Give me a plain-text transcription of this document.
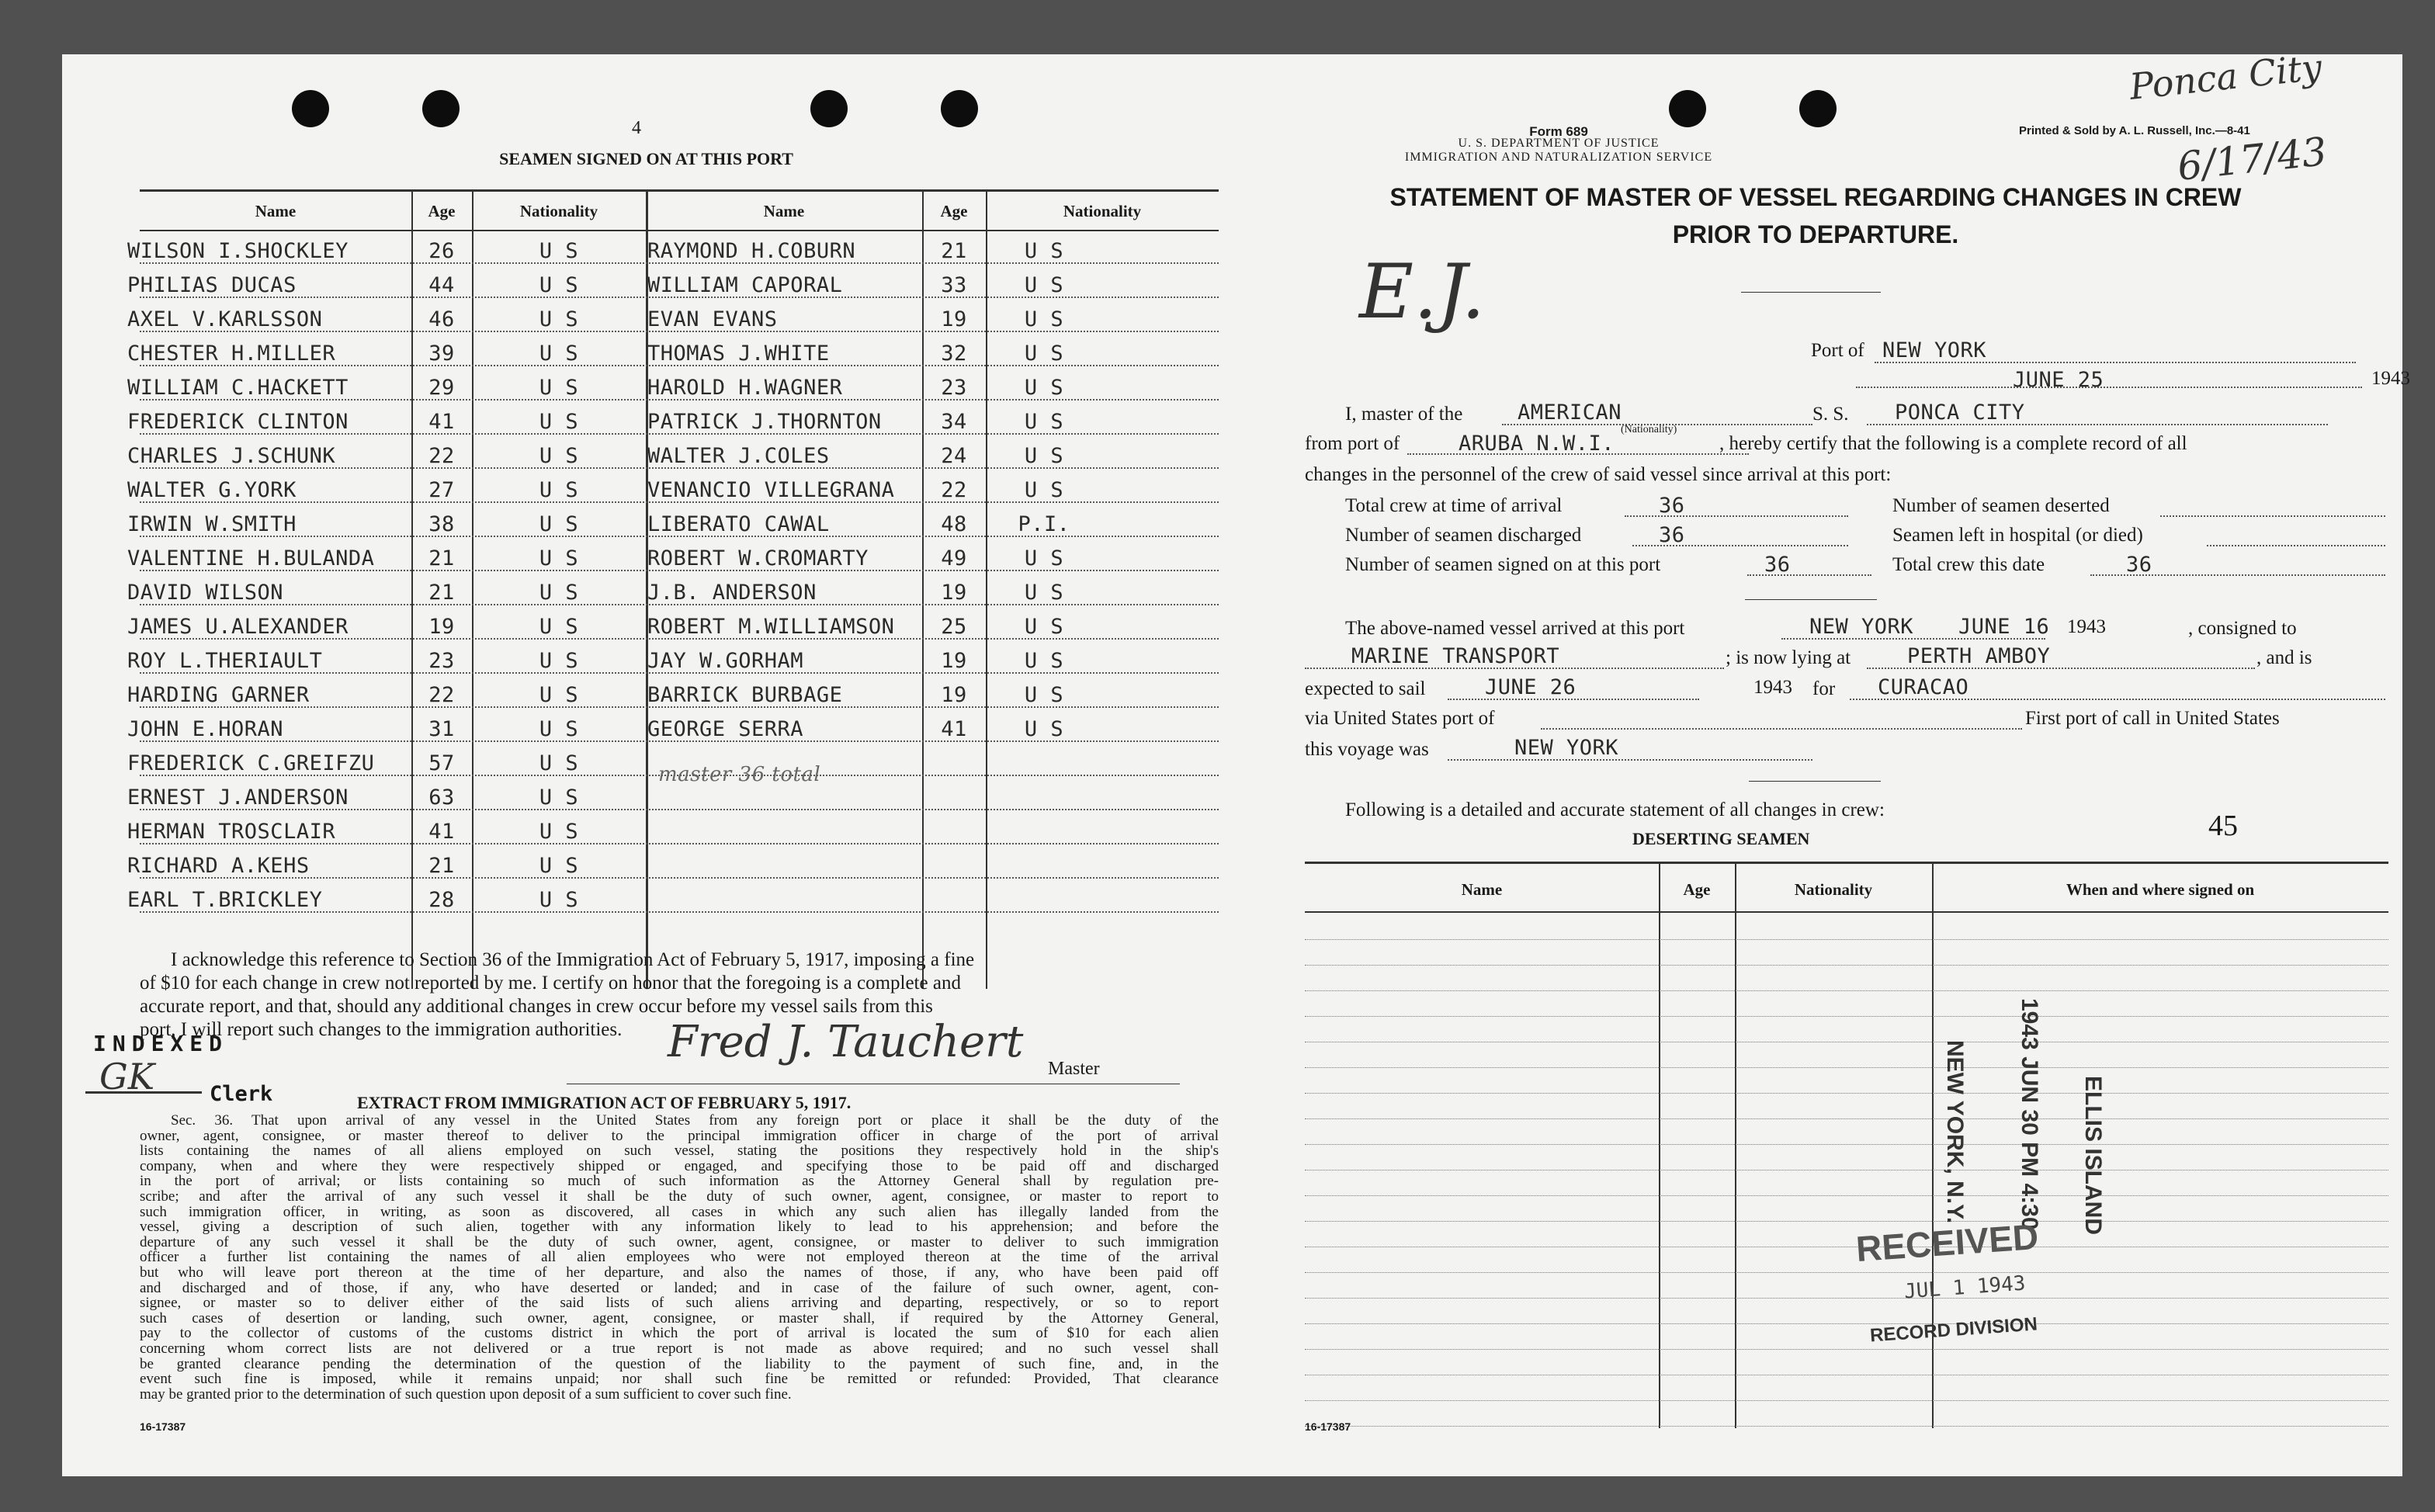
4
SEAMEN SIGNED ON AT THIS PORT
Name	Age	Nationality	Name	Age	Nationality
WILSON I.SHOCKLEY	26	U S	RAYMOND H.COBURN	21	U S
PHILIAS DUCAS	44	U S	WILLIAM CAPORAL	33	U S
AXEL V.KARLSSON	46	U S	EVAN EVANS	19	U S
CHESTER H.MILLER	39	U S	THOMAS J.WHITE	32	U S
WILLIAM C.HACKETT	29	U S	HAROLD H.WAGNER	23	U S
FREDERICK CLINTON	41	U S	PATRICK J.THORNTON	34	U S
CHARLES J.SCHUNK	22	U S	WALTER J.COLES	24	U S
WALTER G.YORK	27	U S	VENANCIO VILLEGRANA	22	U S
IRWIN W.SMITH	38	U S	LIBERATO CAWAL	48	P.I.
VALENTINE H.BULANDA	21	U S	ROBERT W.CROMARTY	49	U S
DAVID WILSON	21	U S	J.B. ANDERSON	19	U S
JAMES U.ALEXANDER	19	U S	ROBERT M.WILLIAMSON	25	U S
ROY L.THERIAULT	23	U S	JAY W.GORHAM	19	U S
HARDING GARNER	22	U S	BARRICK BURBAGE	19	U S
JOHN E.HORAN	31	U S	GEORGE SERRA	41	U S
FREDERICK C.GREIFZU	57	U S
ERNEST J.ANDERSON	63	U S
HERMAN TROSCLAIR	41	U S
RICHARD A.KEHS	21	U S
EARL T.BRICKLEY	28	U S
master 36 total
I acknowledge this reference to Section 36 of the Immigration Act of February 5, 1917, imposing a fine
of $10 for each change in crew not reported by me. I certify on honor that the foregoing is a complete and
accurate report, and that, should any additional changes in crew occur before my vessel sails from this
port, I will report such changes to the immigration authorities.	Fred J. Tauchert
Master
INDEXED
GK	Clerk	EXTRACT FROM IMMIGRATION ACT OF FEBRUARY 5, 1917.
Sec. 36. That upon arrival of any vessel in the United States from any foreign port or place it shall be the duty of the
owner, agent, consignee, or master thereof to deliver to the principal immigration officer in charge of the port of arrival
lists containing the names of all aliens employed on such vessel, stating the positions they respectively hold in the ship's
company, when and where they were respectively shipped or engaged, and specifying those to be paid off and discharged
in the port of arrival; or lists containing so much of such information as the Attorney General shall by regulation pre-
scribe; and after the arrival of any such vessel it shall be the duty of such owner, agent, consignee, or master to report to
such immigration officer, in writing, as soon as discovered, all cases in which any such alien has illegally landed from the
vessel, giving a description of such alien, together with any information likely to lead to his apprehension; and before the
departure of any such vessel it shall be the duty of such owner, agent, consignee, or master to deliver to such immigration
officer a further list containing the names of all alien employees who were not employed thereon at the time of the arrival
but who will leave port thereon at the time of her departure, and also the names of those, if any, who have been paid off
and discharged and of those, if any, who have deserted or landed; and in case of the failure of such owner, agent, con-
signee, or master so to deliver either of the said lists of such aliens arriving and departing, respectively, or so to report
such cases of desertion or landing, such owner, agent, consignee, or master shall, if required by the Attorney General,
pay to the collector of customs of the customs district in which the port of arrival is located the sum of $10 for each alien
concerning whom correct lists are not delivered or a true report is not made as above required; and no such vessel shall
be granted clearance pending the determination of the question of the liability to the payment of such fine, and, in the
event such fine is imposed, while it remains unpaid; nor shall such fine be remitted or refunded: Provided, That clearance
may be granted prior to the determination of such question upon deposit of a sum sufficient to cover such fine.
16-17387
Form 689
U. S. DEPARTMENT OF JUSTICE
IMMIGRATION AND NATURALIZATION SERVICE
Printed & Sold by A. L. Russell, Inc.—8-41
Ponca City
6/17/43
STATEMENT OF MASTER OF VESSEL REGARDING CHANGES IN CREW
PRIOR TO DEPARTURE.
E.J.
Port of NEW YORK
JUNE 25	1943
I, master of the	AMERICAN	S. S. PONCA CITY
from port of	ARUBA N.W.I.
(Nationality)
, hereby certify that the following is a complete record of all
changes in the personnel of the crew of said vessel since arrival at this port:
Total crew at time of arrival	36	Number of seamen deserted
Number of seamen discharged	36	Seamen left in hospital (or died)
Number of seamen signed on at this port	36	Total crew this date	36
The above-named vessel arrived at this port	NEW YORK JUNE 16 1943	, consigned to
MARINE TRANSPORT	; is now lying at	PERTH AMBOY	, and is
expected to sail	JUNE 26	1943 for CURACAO
via United States port of	First port of call in United States
this voyage was	NEW YORK
Following is a detailed and accurate statement of all changes in crew:	45
DESERTING SEAMEN
Name	Age	Nationality	When and where signed on
ELLIS ISLAND
1943 JUN 30 PM 4:30
NEW YORK, N.Y.
RECEIVED
JUL 1 1943
RECORD DIVISION
16-17387
